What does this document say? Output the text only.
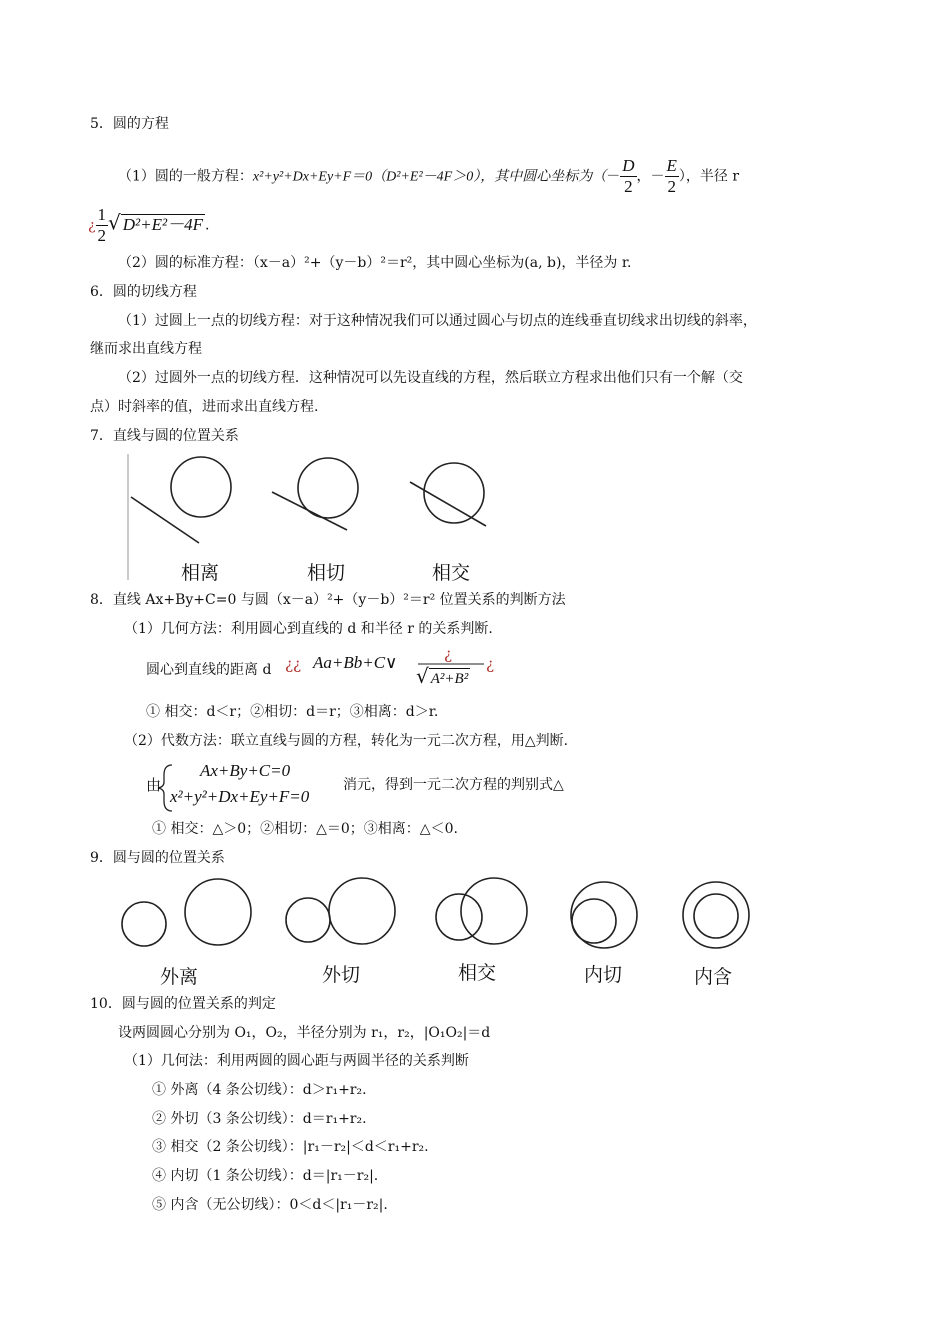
5．圆的方程
（1）圆的一般方程：x²+y²+Dx+Ey+F＝0（D²+E²－4F＞0），其中圆心坐标为（－ $\frac{D}{2}$ ，－ $\frac{E}{2}$ ），半径 r
¿ $\frac{1}{2}$ √ D²+E²－4F .
（2）圆的标准方程：（x－a）²+（y－b）²＝r²，其中圆心坐标为(a, b)，半径为 r.
6．圆的切线方程
（1）过圆上一点的切线方程：对于这种情况我们可以通过圆心与切点的连线垂直切线求出切线的斜率，
继而求出直线方程
（2）过圆外一点的切线方程．这种情况可以先设直线的方程，然后联立方程求出他们只有一个解（交
点）时斜率的值，进而求出直线方程.
7．直线与圆的位置关系
相离	相切	相交
8．直线 Ax+By+C=0 与圆（x－a）²+（y－b）²＝r² 位置关系的判断方法
（1）几何方法：利用圆心到直线的 d 和半径 r 的关系判断.
圆心到直线的距离 d ¿¿ Aa+Bb+C∨	¿
√ A²+B²
¿
① 相交：d＜r；②相切：d＝r；③相离：d＞r.
（2）代数方法：联立直线与圆的方程，转化为一元二次方程，用△判断.
由
Ax+By+C=0
x²+y²+Dx+Ey+F=0
消元，得到一元二次方程的判别式△
① 相交：△＞0；②相切：△＝0；③相离：△＜0.
9．圆与圆的位置关系
外离	外切	相交	内切	内含
10．圆与圆的位置关系的判定
设两圆圆心分别为 O₁，O₂，半径分别为 r₁，r₂，|O₁O₂|＝d
（1）几何法：利用两圆的圆心距与两圆半径的关系判断
① 外离（4 条公切线）：d＞r₁+r₂.
② 外切（3 条公切线）：d＝r₁+r₂.
③ 相交（2 条公切线）：|r₁－r₂|＜d＜r₁+r₂.
④ 内切（1 条公切线）：d＝|r₁－r₂|.
⑤ 内含（无公切线）：0＜d＜|r₁－r₂|.
